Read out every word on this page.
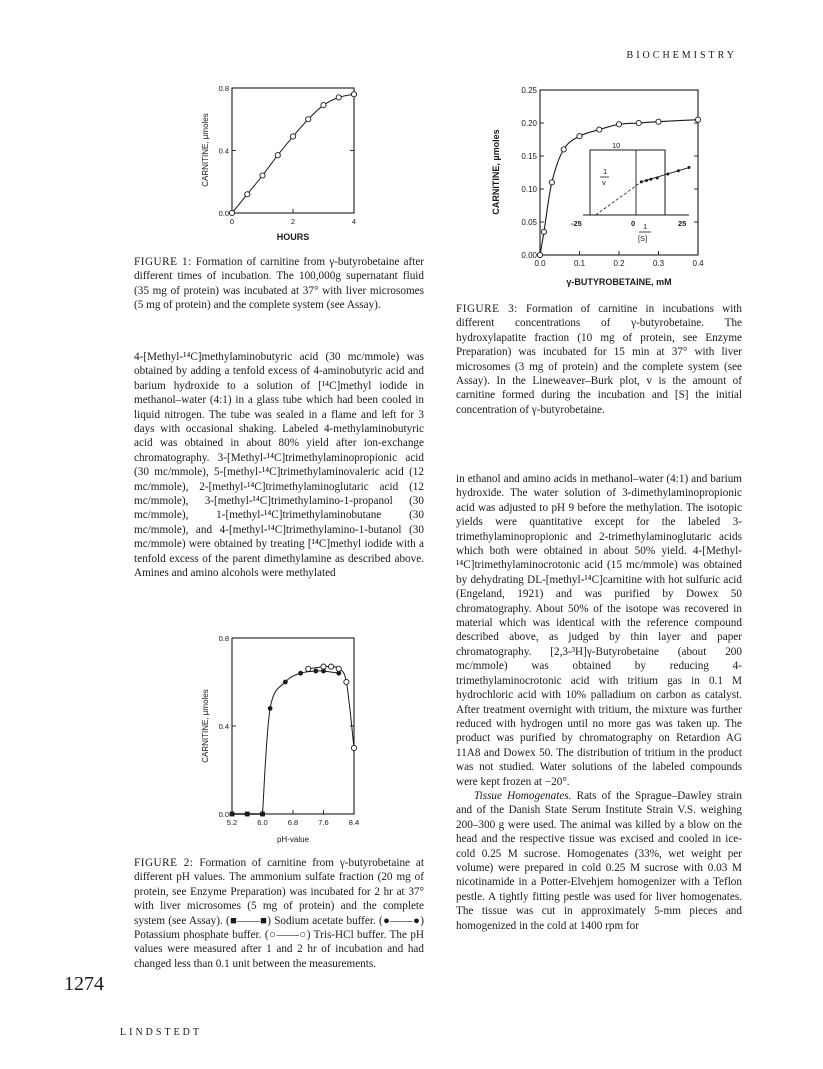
BIOCHEMISTRY
1274
LINDSTEDT
0	2	4
0.0
0.4
0.8
HOURS
CARNITINE, µmoles
FIGURE 1: Formation of carnitine from γ-butyrobetaine after different times of incubation. The 100,000g supernatant fluid (35 mg of protein) was incubated at 37° with liver microsomes (5 mg of protein) and the complete system (see Assay).
0.0	0.1	0.2	0.3	0.4
0.00
0.05
0.10
0.15
0.20
0.25
CARNITINE, µmoles
γ-BUTYROBETAINE, mM
10
1
v
-25	0	25
1
[S]
FIGURE 3: Formation of carnitine in incubations with different concentrations of γ-butyrobetaine. The hydroxylapatite fraction (10 mg of protein, see Enzyme Preparation) was incubated for 15 min at 37° with liver microsomes (3 mg of protein) and the complete system (see Assay). In the Lineweaver–Burk plot, v is the amount of carnitine formed during the incubation and [S] the initial concentration of γ-butyrobetaine.

4-[Methyl-¹⁴C]methylaminobutyric acid (30 mc/mmole) was obtained by adding a tenfold excess of 4-aminobutyric acid and barium hydroxide to a solution of [¹⁴C]methyl iodide in methanol–water (4:1) in a glass tube which had been cooled in liquid nitrogen. The tube was sealed in a flame and left for 3 days with occasional shaking. Labeled 4-methylaminobutyric acid was obtained in about 80% yield after ion-exchange chromatography. 3-[Methyl-¹⁴C]trimethylaminopropionic acid (30 mc/mmole), 5-[methyl-¹⁴C]trimethylaminovaleric acid (12 mc/mmole), 2-[methyl-¹⁴C]trimethylaminoglutaric acid (12 mc/mmole), 3-[methyl-¹⁴C]trimethylamino-1-propanol (30 mc/mmole), 1-[methyl-¹⁴C]trimethylaminobutane (30 mc/mmole), and 4-[methyl-¹⁴C]trimethylamino-1-butanol (30 mc/mmole) were obtained by treating [¹⁴C]methyl iodide with a tenfold excess of the parent dimethylamine as described above. Amines and amino alcohols were methylated

5.2	6.0	6.8	7.6	8.4
0.0
0.4
0.8
pH-value
CARNITINE, µmoles
FIGURE 2: Formation of carnitine from γ-butyrobetaine at different pH values. The ammonium sulfate fraction (20 mg of protein, see Enzyme Preparation) was incubated for 2 hr at 37° with liver microsomes (5 mg of protein) and the complete system (see Assay). (■——■) Sodium acetate buffer. (●——●) Potassium phosphate buffer. (○——○) Tris-HCl buffer. The pH values were measured after 1 and 2 hr of incubation and had changed less than 0.1 unit between the measurements.

in ethanol and amino acids in methanol–water (4:1) and barium hydroxide. The water solution of 3-dimethylaminopropionic acid was adjusted to pH 9 before the methylation. The isotopic yields were quantitative except for the labeled 3-trimethylaminopropionic and 2-trimethylaminoglutaric acids which both were obtained in about 50% yield. 4-[Methyl-¹⁴C]trimethylaminocrotonic acid (15 mc/mmole) was obtained by dehydrating DL-[methyl-¹⁴C]carnitine with hot sulfuric acid (Engeland, 1921) and was purified by Dowex 50 chromatography. About 50% of the isotope was recovered in material which was identical with the reference compound described above, as judged by thin layer and paper chromatography. [2,3-³H]γ-Butyrobetaine (about 200 mc/mmole) was obtained by reducing 4-trimethylaminocrotonic acid with tritium gas in 0.1 M hydrochloric acid with 10% palladium on carbon as catalyst. After treatment overnight with tritium, the mixture was further reduced with hydrogen until no more gas was taken up. The product was purified by chromatography on Retardion AG 11A8 and Dowex 50. The distribution of tritium in the product was not studied. Water solutions of the labeled compounds were kept frozen at −20°.

Tissue Homogenates. Rats of the Sprague–Dawley strain and of the Danish State Serum Institute Strain V.S. weighing 200–300 g were used. The animal was killed by a blow on the head and the respective tissue was excised and cooled in ice-cold 0.25 M sucrose. Homogenates (33%, wet weight per volume) were prepared in cold 0.25 M sucrose with 0.03 M nicotinamide in a Potter-Elvehjem homogenizer with a Teflon pestle. A tightly fitting pestle was used for liver homogenates. The tissue was cut in approximately 5-mm pieces and homogenized in the cold at 1400 rpm for
